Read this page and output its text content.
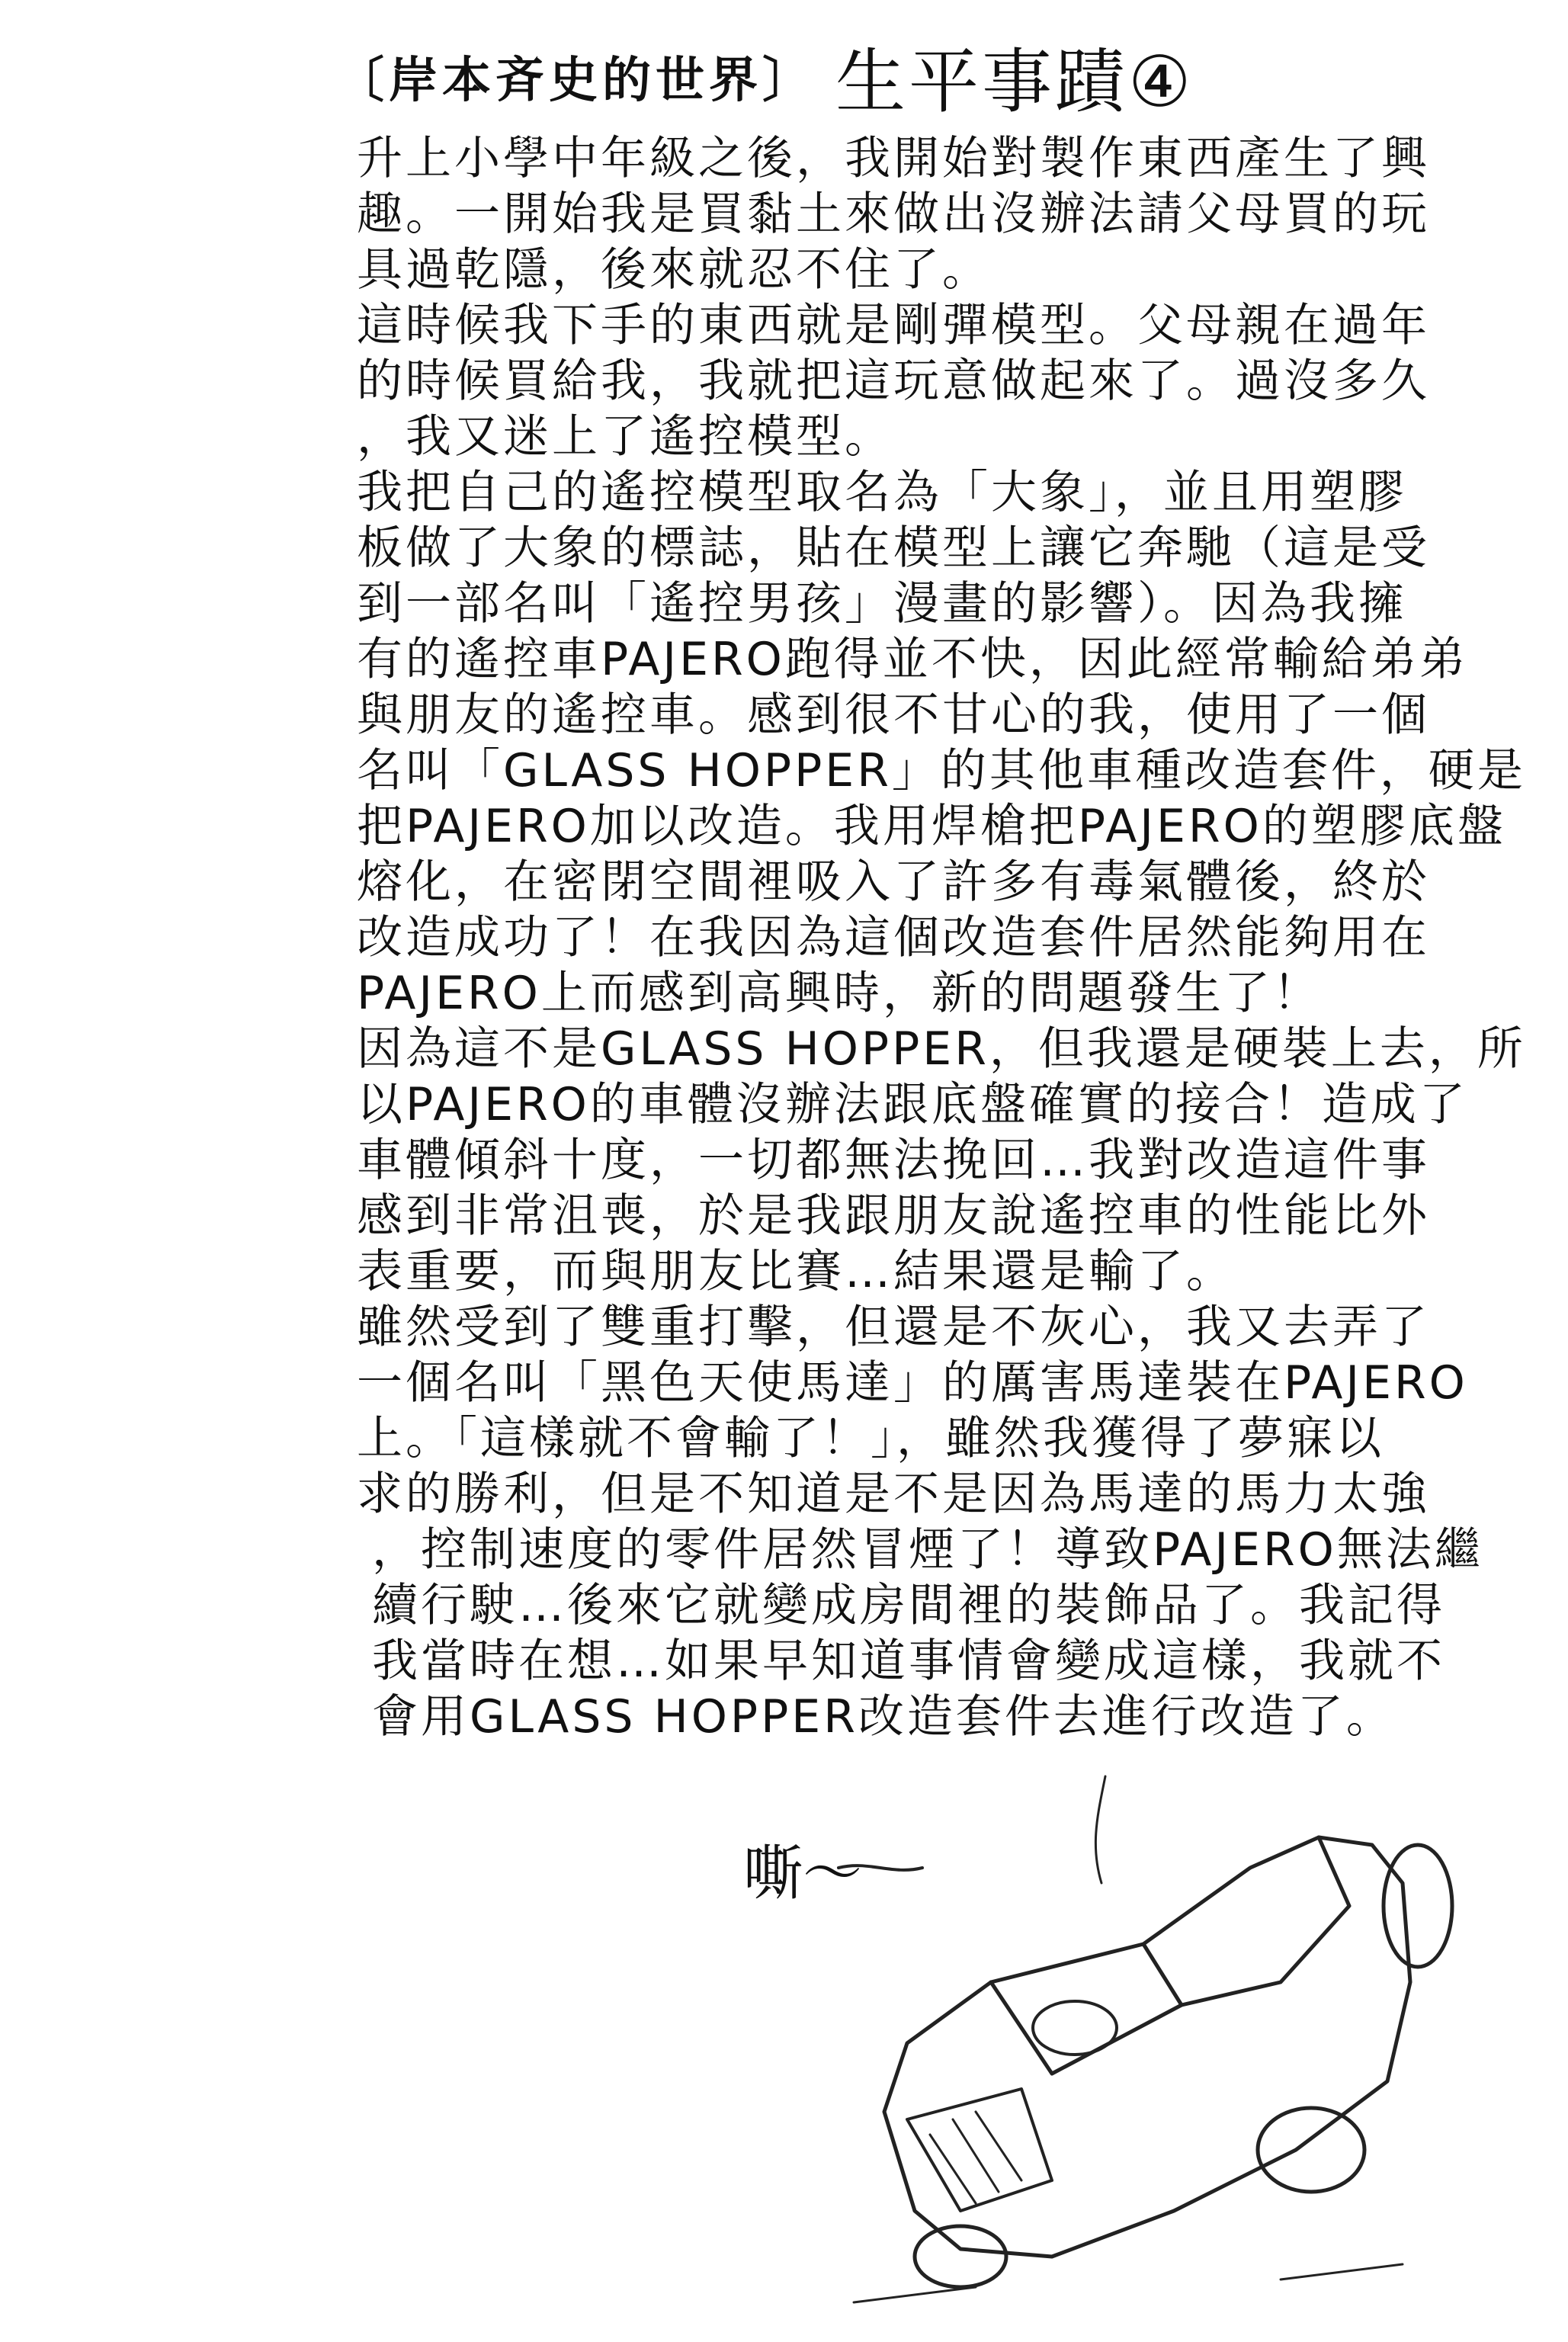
〔岸本斉史的世界〕 生平事蹟④
升上小學中年級之後，我開始對製作東西產生了興
趣。一開始我是買黏土來做出沒辦法請父母買的玩
具過乾隱，後來就忍不住了。
這時候我下手的東西就是剛彈模型。父母親在過年
的時候買給我，我就把這玩意做起來了。過沒多久
，我又迷上了遙控模型。
我把自己的遙控模型取名為「大象」，並且用塑膠
板做了大象的標誌，貼在模型上讓它奔馳（這是受
到一部名叫「遙控男孩」漫畫的影響）。因為我擁
有的遙控車PAJERO跑得並不快，因此經常輸給弟弟
與朋友的遙控車。感到很不甘心的我，使用了一個
名叫「GLASS HOPPER」的其他車種改造套件，硬是
把PAJERO加以改造。我用焊槍把PAJERO的塑膠底盤
熔化，在密閉空間裡吸入了許多有毒氣體後，終於
改造成功了！在我因為這個改造套件居然能夠用在
PAJERO上而感到高興時，新的問題發生了！
因為這不是GLASS HOPPER，但我還是硬裝上去，所
以PAJERO的車體沒辦法跟底盤確實的接合！造成了
車體傾斜十度，一切都無法挽回…我對改造這件事
感到非常沮喪，於是我跟朋友說遙控車的性能比外
表重要，而與朋友比賽…結果還是輸了。
雖然受到了雙重打擊，但還是不灰心，我又去弄了
一個名叫「黑色天使馬達」的厲害馬達裝在PAJERO
上。「這樣就不會輸了！」，雖然我獲得了夢寐以
求的勝利，但是不知道是不是因為馬達的馬力太強
，控制速度的零件居然冒煙了！導致PAJERO無法繼
續行駛…後來它就變成房間裡的裝飾品了。我記得
我當時在想…如果早知道事情會變成這樣，我就不
會用GLASS HOPPER改造套件去進行改造了。
嘶～
